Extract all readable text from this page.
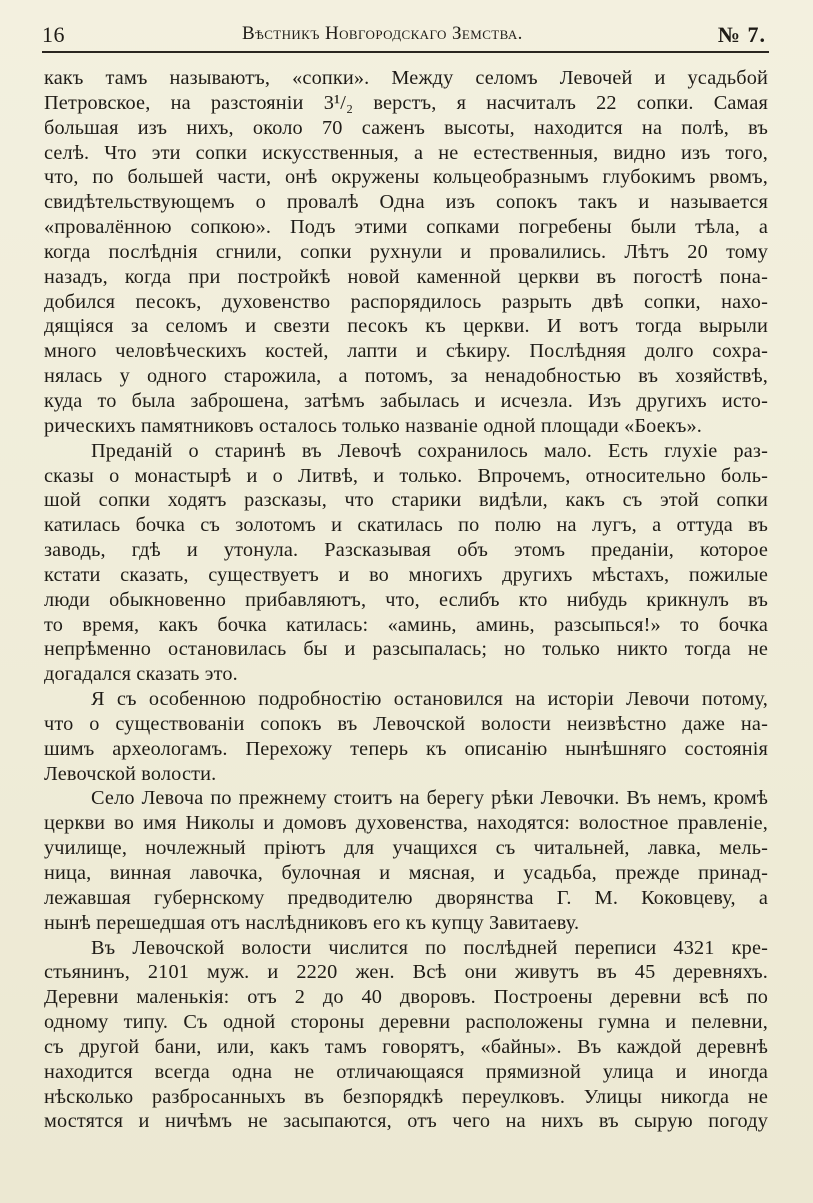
16	Вѣстникъ Новгородскаго Земства.	№ 7.
какъ тамъ называютъ, «сопки». Между селомъ Левочей и усадьбой
Петровское, на разстояніи 3¹/₂ верстъ, я насчиталъ 22 сопки. Самая
большая изъ нихъ, около 70 саженъ высоты, находится на полѣ, въ
селѣ. Что эти сопки искусственныя, а не естественныя, видно изъ того,
что, по большей части, онѣ окружены кольцеобразнымъ глубокимъ рвомъ,
свидѣтельствующемъ о провалѣ Одна изъ сопокъ такъ и называется
«провалённою сопкою». Подъ этими сопками погребены были тѣла, а
когда послѣднія сгнили, сопки рухнули и провалились. Лѣтъ 20 тому
назадъ, когда при постройкѣ новой каменной церкви въ погостѣ пона-
добился песокъ, духовенство распорядилось разрыть двѣ сопки, нахо-
дящіяся за селомъ и свезти песокъ къ церкви. И вотъ тогда вырыли
много человѣческихъ костей, лапти и сѣкиру. Послѣдняя долго сохра-
нялась у одного старожила, а потомъ, за ненадобностью въ хозяйствѣ,
куда то была заброшена, затѣмъ забылась и исчезла. Изъ другихъ исто-
рическихъ памятниковъ осталось только названіе одной площади «Боекъ».
Преданій о старинѣ въ Левочѣ сохранилось мало. Есть глухіе раз-
сказы о монастырѣ и о Литвѣ, и только. Впрочемъ, относительно боль-
шой сопки ходятъ разсказы, что старики видѣли, какъ съ этой сопки
катилась бочка съ золотомъ и скатилась по полю на лугъ, а оттуда въ
заводь, гдѣ и утонула. Разсказывая объ этомъ преданіи, которое
кстати сказать, существуетъ и во многихъ другихъ мѣстахъ, пожилые
люди обыкновенно прибавляютъ, что, еслибъ кто нибудь крикнулъ въ
то время, какъ бочка катилась: «аминь, аминь, разсыпься!» то бочка
непрѣменно остановилась бы и разсыпалась; но только никто тогда не
догадался сказать это.
Я съ особенною подробностію остановился на исторіи Левочи потому,
что о существованіи сопокъ въ Левочской волости неизвѣстно даже на-
шимъ археологамъ. Перехожу теперь къ описанію нынѣшняго состоянія
Левочской волости.
Село Левоча по прежнему стоитъ на берегу рѣки Левочки. Въ немъ, кромѣ
церкви во имя Николы и домовъ духовенства, находятся: волостное правленіе,
училище, ночлежный пріютъ для учащихся съ читальней, лавка, мель-
ница, винная лавочка, булочная и мясная, и усадьба, прежде принад-
лежавшая губернскому предводителю дворянства Г. М. Коковцеву, а
нынѣ перешедшая отъ наслѣдниковъ его къ купцу Завитаеву.
Въ Левочской волости числится по послѣдней переписи 4321 кре-
стьянинъ, 2101 муж. и 2220 жен. Всѣ они живутъ въ 45 деревняхъ.
Деревни маленькія: отъ 2 до 40 дворовъ. Построены деревни всѣ по
одному типу. Съ одной стороны деревни расположены гумна и пелевни,
съ другой бани, или, какъ тамъ говорятъ, «байны». Въ каждой деревнѣ
находится всегда одна не отличающаяся прямизной улица и иногда
нѣсколько разбросанныхъ въ безпорядкѣ переулковъ. Улицы никогда не
мостятся и ничѣмъ не засыпаются, отъ чего на нихъ въ сырую погоду
